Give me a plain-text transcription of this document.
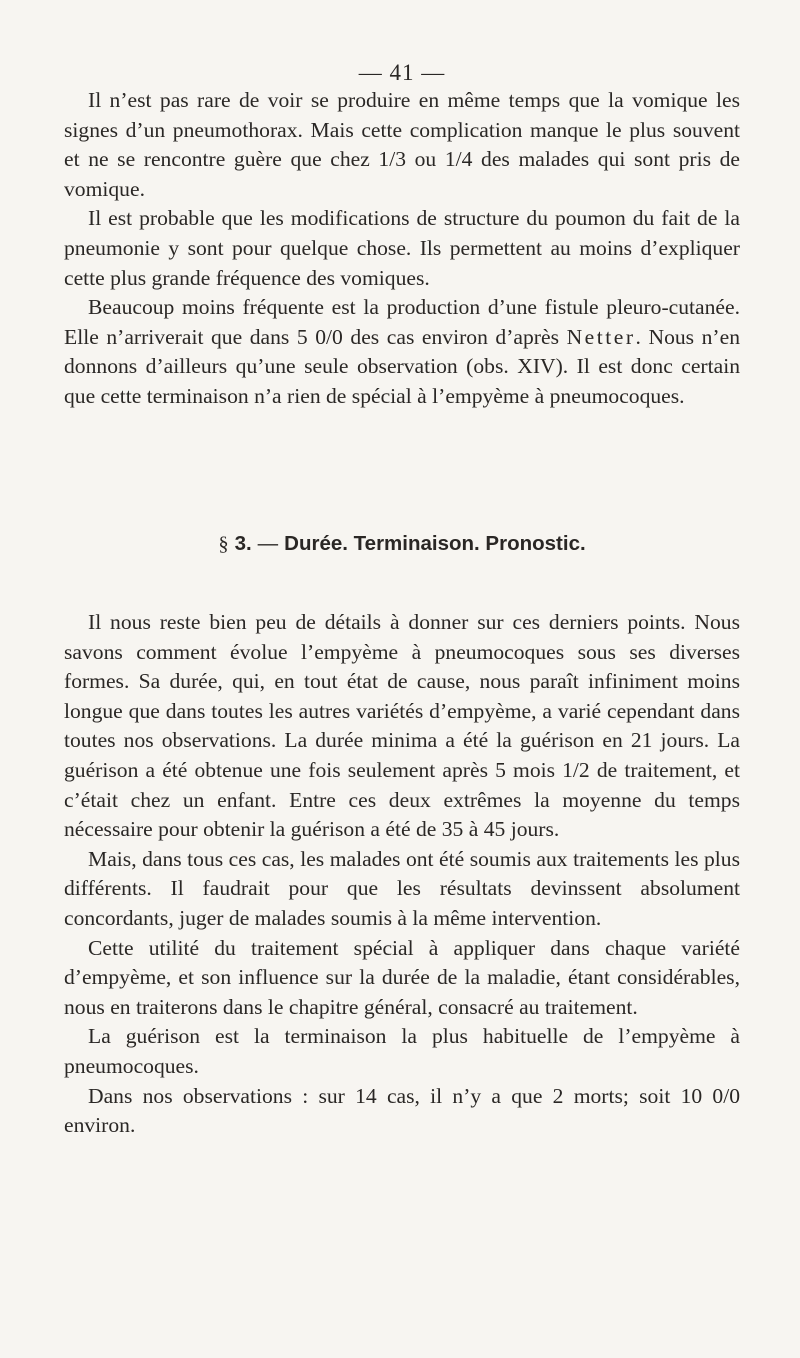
— 41 —

Il n’est pas rare de voir se produire en même temps que la vomique les signes d’un pneumothorax. Mais cette complication manque le plus souvent et ne se rencontre guère que chez 1/3 ou 1/4 des malades qui sont pris de vomique.

Il est probable que les modifications de structure du poumon du fait de la pneumonie y sont pour quelque chose. Ils permettent au moins d’expliquer cette plus grande fréquence des vomiques.

Beaucoup moins fréquente est la production d’une fistule pleuro-cutanée. Elle n’arriverait que dans 5 0/0 des cas environ d’après Netter. Nous n’en donnons d’ailleurs qu’une seule observation (obs. XIV). Il est donc certain que cette terminaison n’a rien de spécial à l’empyème à pneumocoques.

§ 3. — Durée. Terminaison. Pronostic.

Il nous reste bien peu de détails à donner sur ces derniers points. Nous savons comment évolue l’empyème à pneumocoques sous ses diverses formes. Sa durée, qui, en tout état de cause, nous paraît infiniment moins longue que dans toutes les autres variétés d’empyème, a varié cependant dans toutes nos observations. La durée minima a été la guérison en 21 jours. La guérison a été obtenue une fois seulement après 5 mois 1/2 de traitement, et c’était chez un enfant. Entre ces deux extrêmes la moyenne du temps nécessaire pour obtenir la guérison a été de 35 à 45 jours.

Mais, dans tous ces cas, les malades ont été soumis aux traitements les plus différents. Il faudrait pour que les résultats devinssent absolument concordants, juger de malades soumis à la même intervention.

Cette utilité du traitement spécial à appliquer dans chaque variété d’empyème, et son influence sur la durée de la maladie, étant considérables, nous en traiterons dans le chapitre général, consacré au traitement.

La guérison est la terminaison la plus habituelle de l’empyème à pneumocoques.

Dans nos observations : sur 14 cas, il n’y a que 2 morts; soit 10 0/0 environ.
